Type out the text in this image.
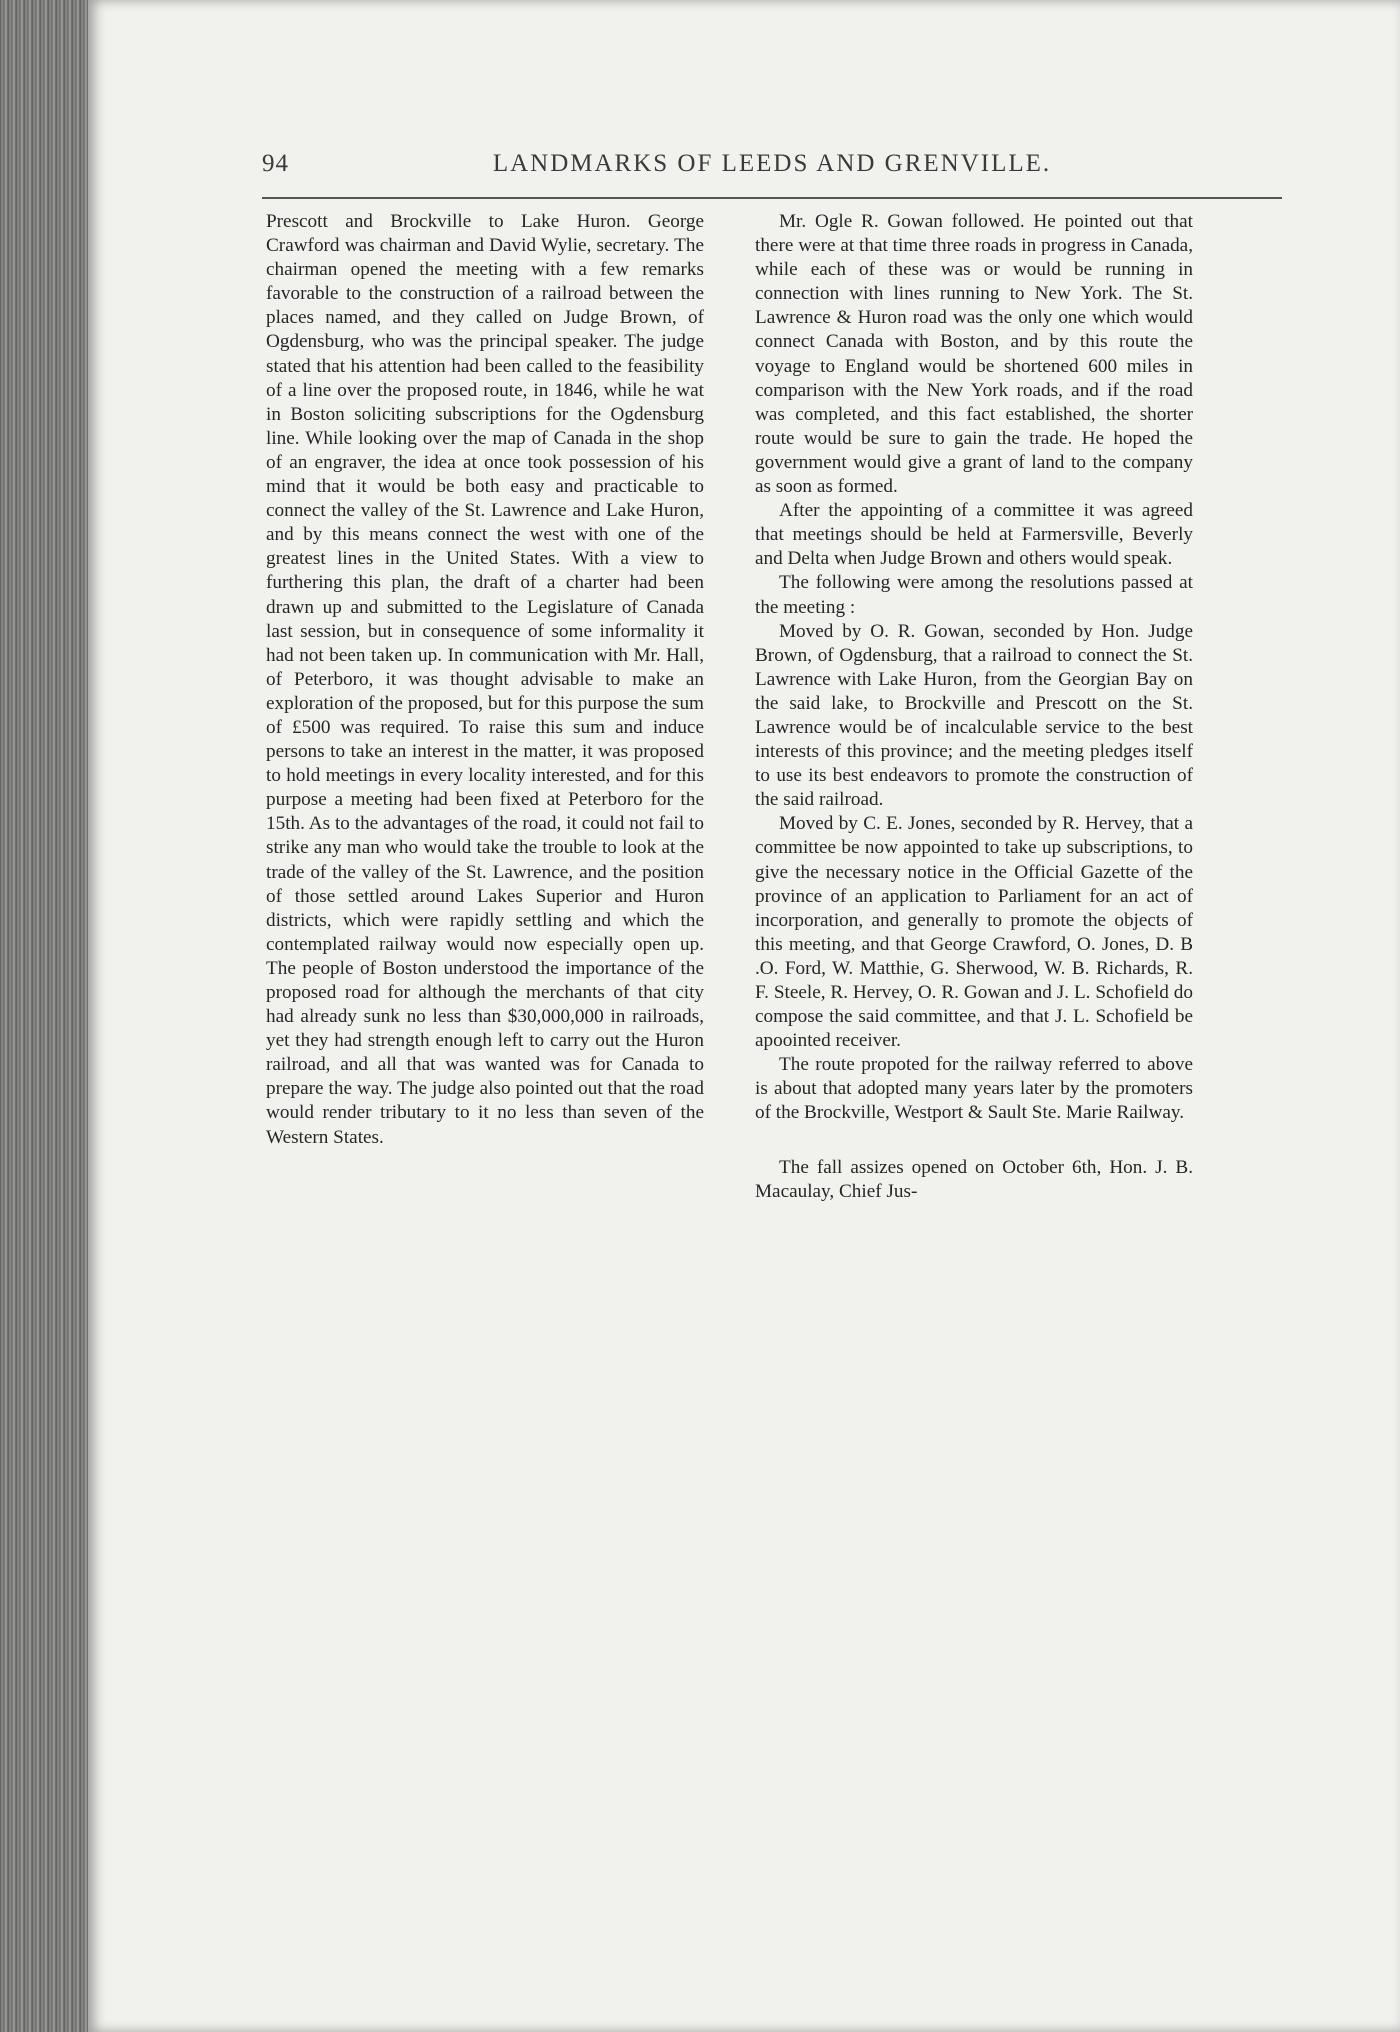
94	LANDMARKS OF LEEDS AND GRENVILLE.

Prescott and Brockville to Lake Huron. George Crawford was chairman and David Wylie, secretary. The chairman opened the meeting with a few remarks favorable to the construction of a railroad between the places named, and they called on Judge Brown, of Ogdensburg, who was the principal speaker. The judge stated that his attention had been called to the feasibility of a line over the proposed route, in 1846, while he wat in Boston soliciting subscriptions for the Ogdensburg line. While looking over the map of Canada in the shop of an engraver, the idea at once took possession of his mind that it would be both easy and practicable to connect the valley of the St. Lawrence and Lake Huron, and by this means connect the west with one of the greatest lines in the United States. With a view to furthering this plan, the draft of a charter had been drawn up and submitted to the Legislature of Canada last session, but in consequence of some informality it had not been taken up. In communication with Mr. Hall, of Peterboro, it was thought advisable to make an exploration of the proposed, but for this purpose the sum of £500 was required. To raise this sum and induce persons to take an interest in the matter, it was proposed to hold meetings in every locality interested, and for this purpose a meeting had been fixed at Peterboro for the 15th. As to the advantages of the road, it could not fail to strike any man who would take the trouble to look at the trade of the valley of the St. Lawrence, and the position of those settled around Lakes Superior and Huron districts, which were rapidly settling and which the contemplated railway would now especially open up. The people of Boston understood the importance of the proposed road for although the merchants of that city had already sunk no less than $30,000,000 in railroads, yet they had strength enough left to carry out the Huron railroad, and all that was wanted was for Canada to prepare the way. The judge also pointed out that the road would render tributary to it no less than seven of the Western States.

Mr. Ogle R. Gowan followed. He pointed out that there were at that time three roads in progress in Canada, while each of these was or would be running in connection with lines running to New York. The St. Lawrence & Huron road was the only one which would connect Canada with Boston, and by this route the voyage to England would be shortened 600 miles in comparison with the New York roads, and if the road was completed, and this fact established, the shorter route would be sure to gain the trade. He hoped the government would give a grant of land to the company as soon as formed.

After the appointing of a committee it was agreed that meetings should be held at Farmersville, Beverly and Delta when Judge Brown and others would speak.

The following were among the resolutions passed at the meeting :

Moved by O. R. Gowan, seconded by Hon. Judge Brown, of Ogdensburg, that a railroad to connect the St. Lawrence with Lake Huron, from the Georgian Bay on the said lake, to Brockville and Prescott on the St. Lawrence would be of incalculable service to the best interests of this province; and the meeting pledges itself to use its best endeavors to promote the construction of the said railroad.

Moved by C. E. Jones, seconded by R. Hervey, that a committee be now appointed to take up subscriptions, to give the necessary notice in the Official Gazette of the province of an application to Parliament for an act of incorporation, and generally to promote the objects of this meeting, and that George Crawford, O. Jones, D. B .O. Ford, W. Matthie, G. Sherwood, W. B. Richards, R. F. Steele, R. Hervey, O. R. Gowan and J. L. Schofield do compose the said committee, and that J. L. Schofield be apoointed receiver.

The route propoted for the railway referred to above is about that adopted many years later by the promoters of the Brockville, Westport & Sault Ste. Marie Railway.

The fall assizes opened on October 6th, Hon. J. B. Macaulay, Chief Jus-
